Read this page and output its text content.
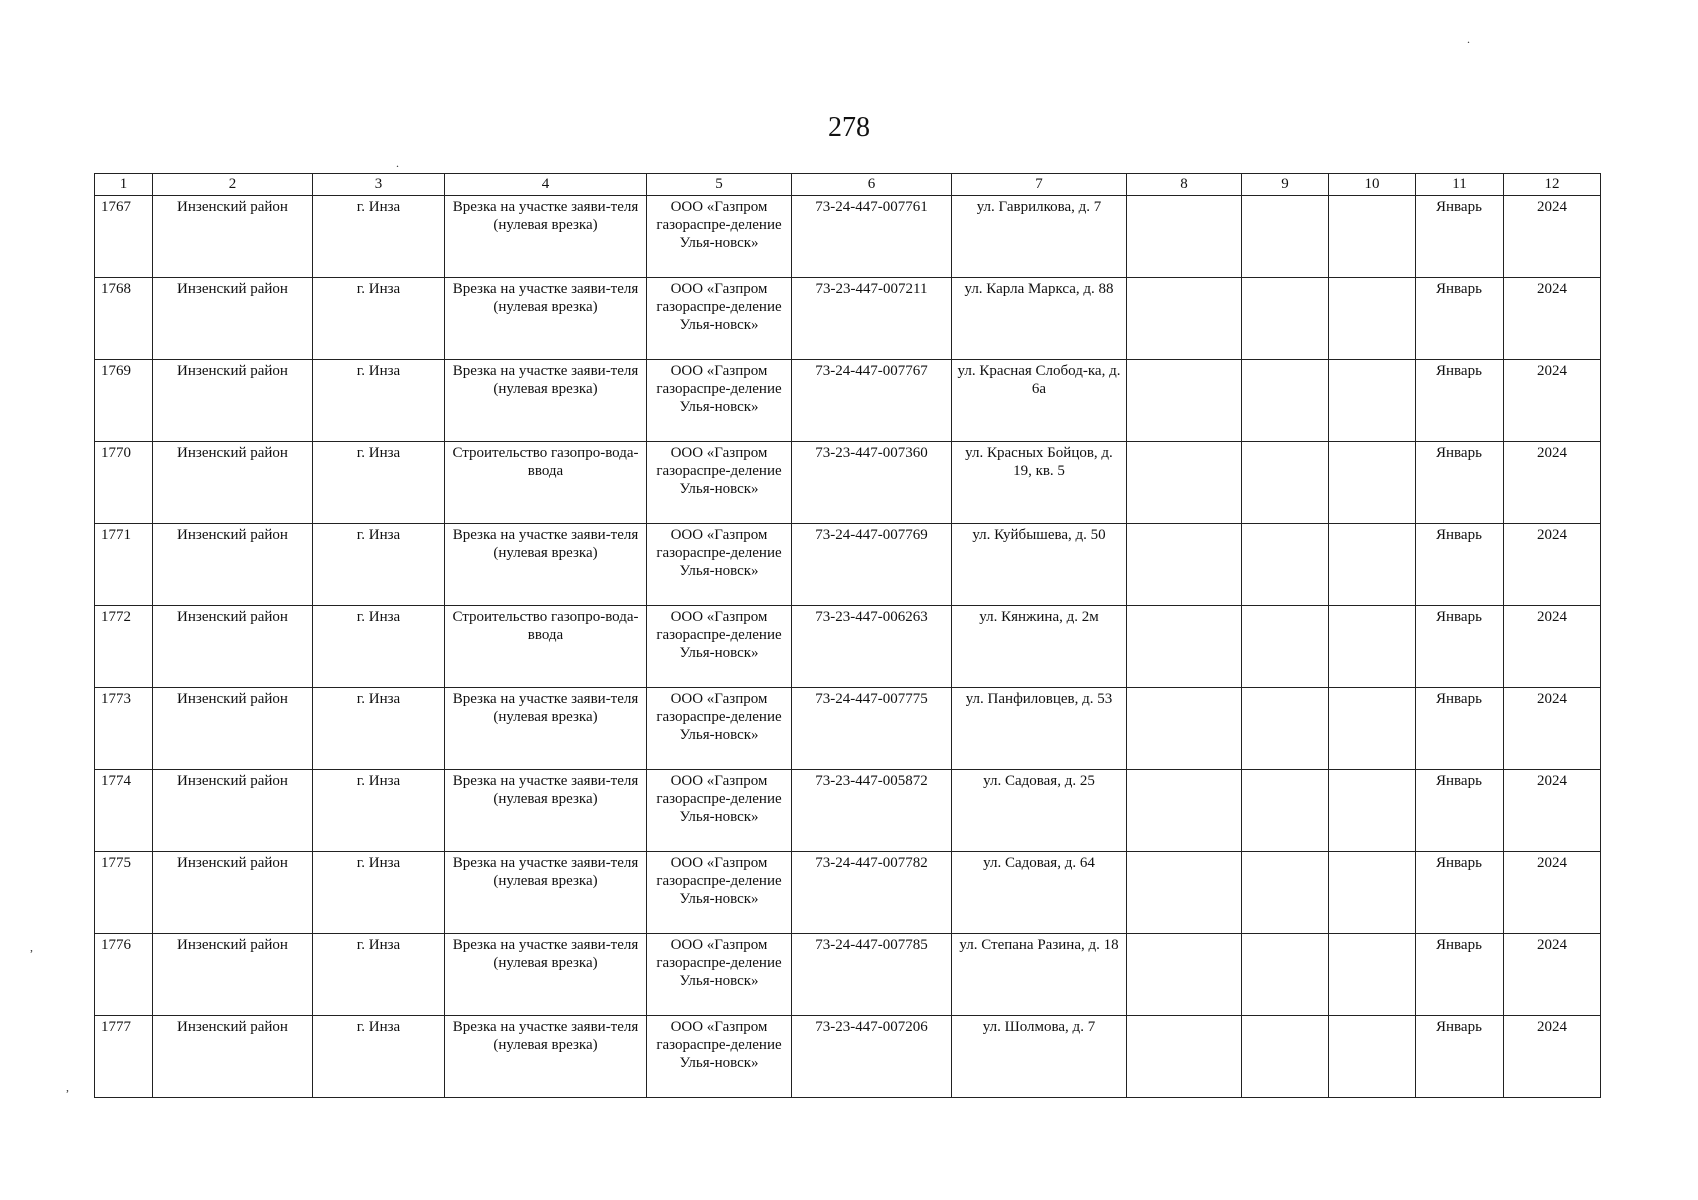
278
.
.
,
,
1	2	3	4	5	6	7	8	9	10	11	12
1767	Инзенский район	г. Инза	Врезка на участке заяви-теля (нулевая врезка)	ООО «Газпром газораспре-деление Улья-новск»	73-24-447-007761	ул. Гаврилкова, д. 7				Январь	2024
1768	Инзенский район	г. Инза	Врезка на участке заяви-теля (нулевая врезка)	ООО «Газпром газораспре-деление Улья-новск»	73-23-447-007211	ул. Карла Маркса, д. 88				Январь	2024
1769	Инзенский район	г. Инза	Врезка на участке заяви-теля (нулевая врезка)	ООО «Газпром газораспре-деление Улья-новск»	73-24-447-007767	ул. Красная Слобод-ка, д. 6а				Январь	2024
1770	Инзенский район	г. Инза	Строительство газопро-вода-ввода	ООО «Газпром газораспре-деление Улья-новск»	73-23-447-007360	ул. Красных Бойцов, д. 19, кв. 5				Январь	2024
1771	Инзенский район	г. Инза	Врезка на участке заяви-теля (нулевая врезка)	ООО «Газпром газораспре-деление Улья-новск»	73-24-447-007769	ул. Куйбышева, д. 50				Январь	2024
1772	Инзенский район	г. Инза	Строительство газопро-вода-ввода	ООО «Газпром газораспре-деление Улья-новск»	73-23-447-006263	ул. Кянжина, д. 2м				Январь	2024
1773	Инзенский район	г. Инза	Врезка на участке заяви-теля (нулевая врезка)	ООО «Газпром газораспре-деление Улья-новск»	73-24-447-007775	ул. Панфиловцев, д. 53				Январь	2024
1774	Инзенский район	г. Инза	Врезка на участке заяви-теля (нулевая врезка)	ООО «Газпром газораспре-деление Улья-новск»	73-23-447-005872	ул. Садовая, д. 25				Январь	2024
1775	Инзенский район	г. Инза	Врезка на участке заяви-теля (нулевая врезка)	ООО «Газпром газораспре-деление Улья-новск»	73-24-447-007782	ул. Садовая, д. 64				Январь	2024
1776	Инзенский район	г. Инза	Врезка на участке заяви-теля (нулевая врезка)	ООО «Газпром газораспре-деление Улья-новск»	73-24-447-007785	ул. Степана Разина, д. 18				Январь	2024
1777	Инзенский район	г. Инза	Врезка на участке заяви-теля (нулевая врезка)	ООО «Газпром газораспре-деление Улья-новск»	73-23-447-007206	ул. Шолмова, д. 7				Январь	2024
